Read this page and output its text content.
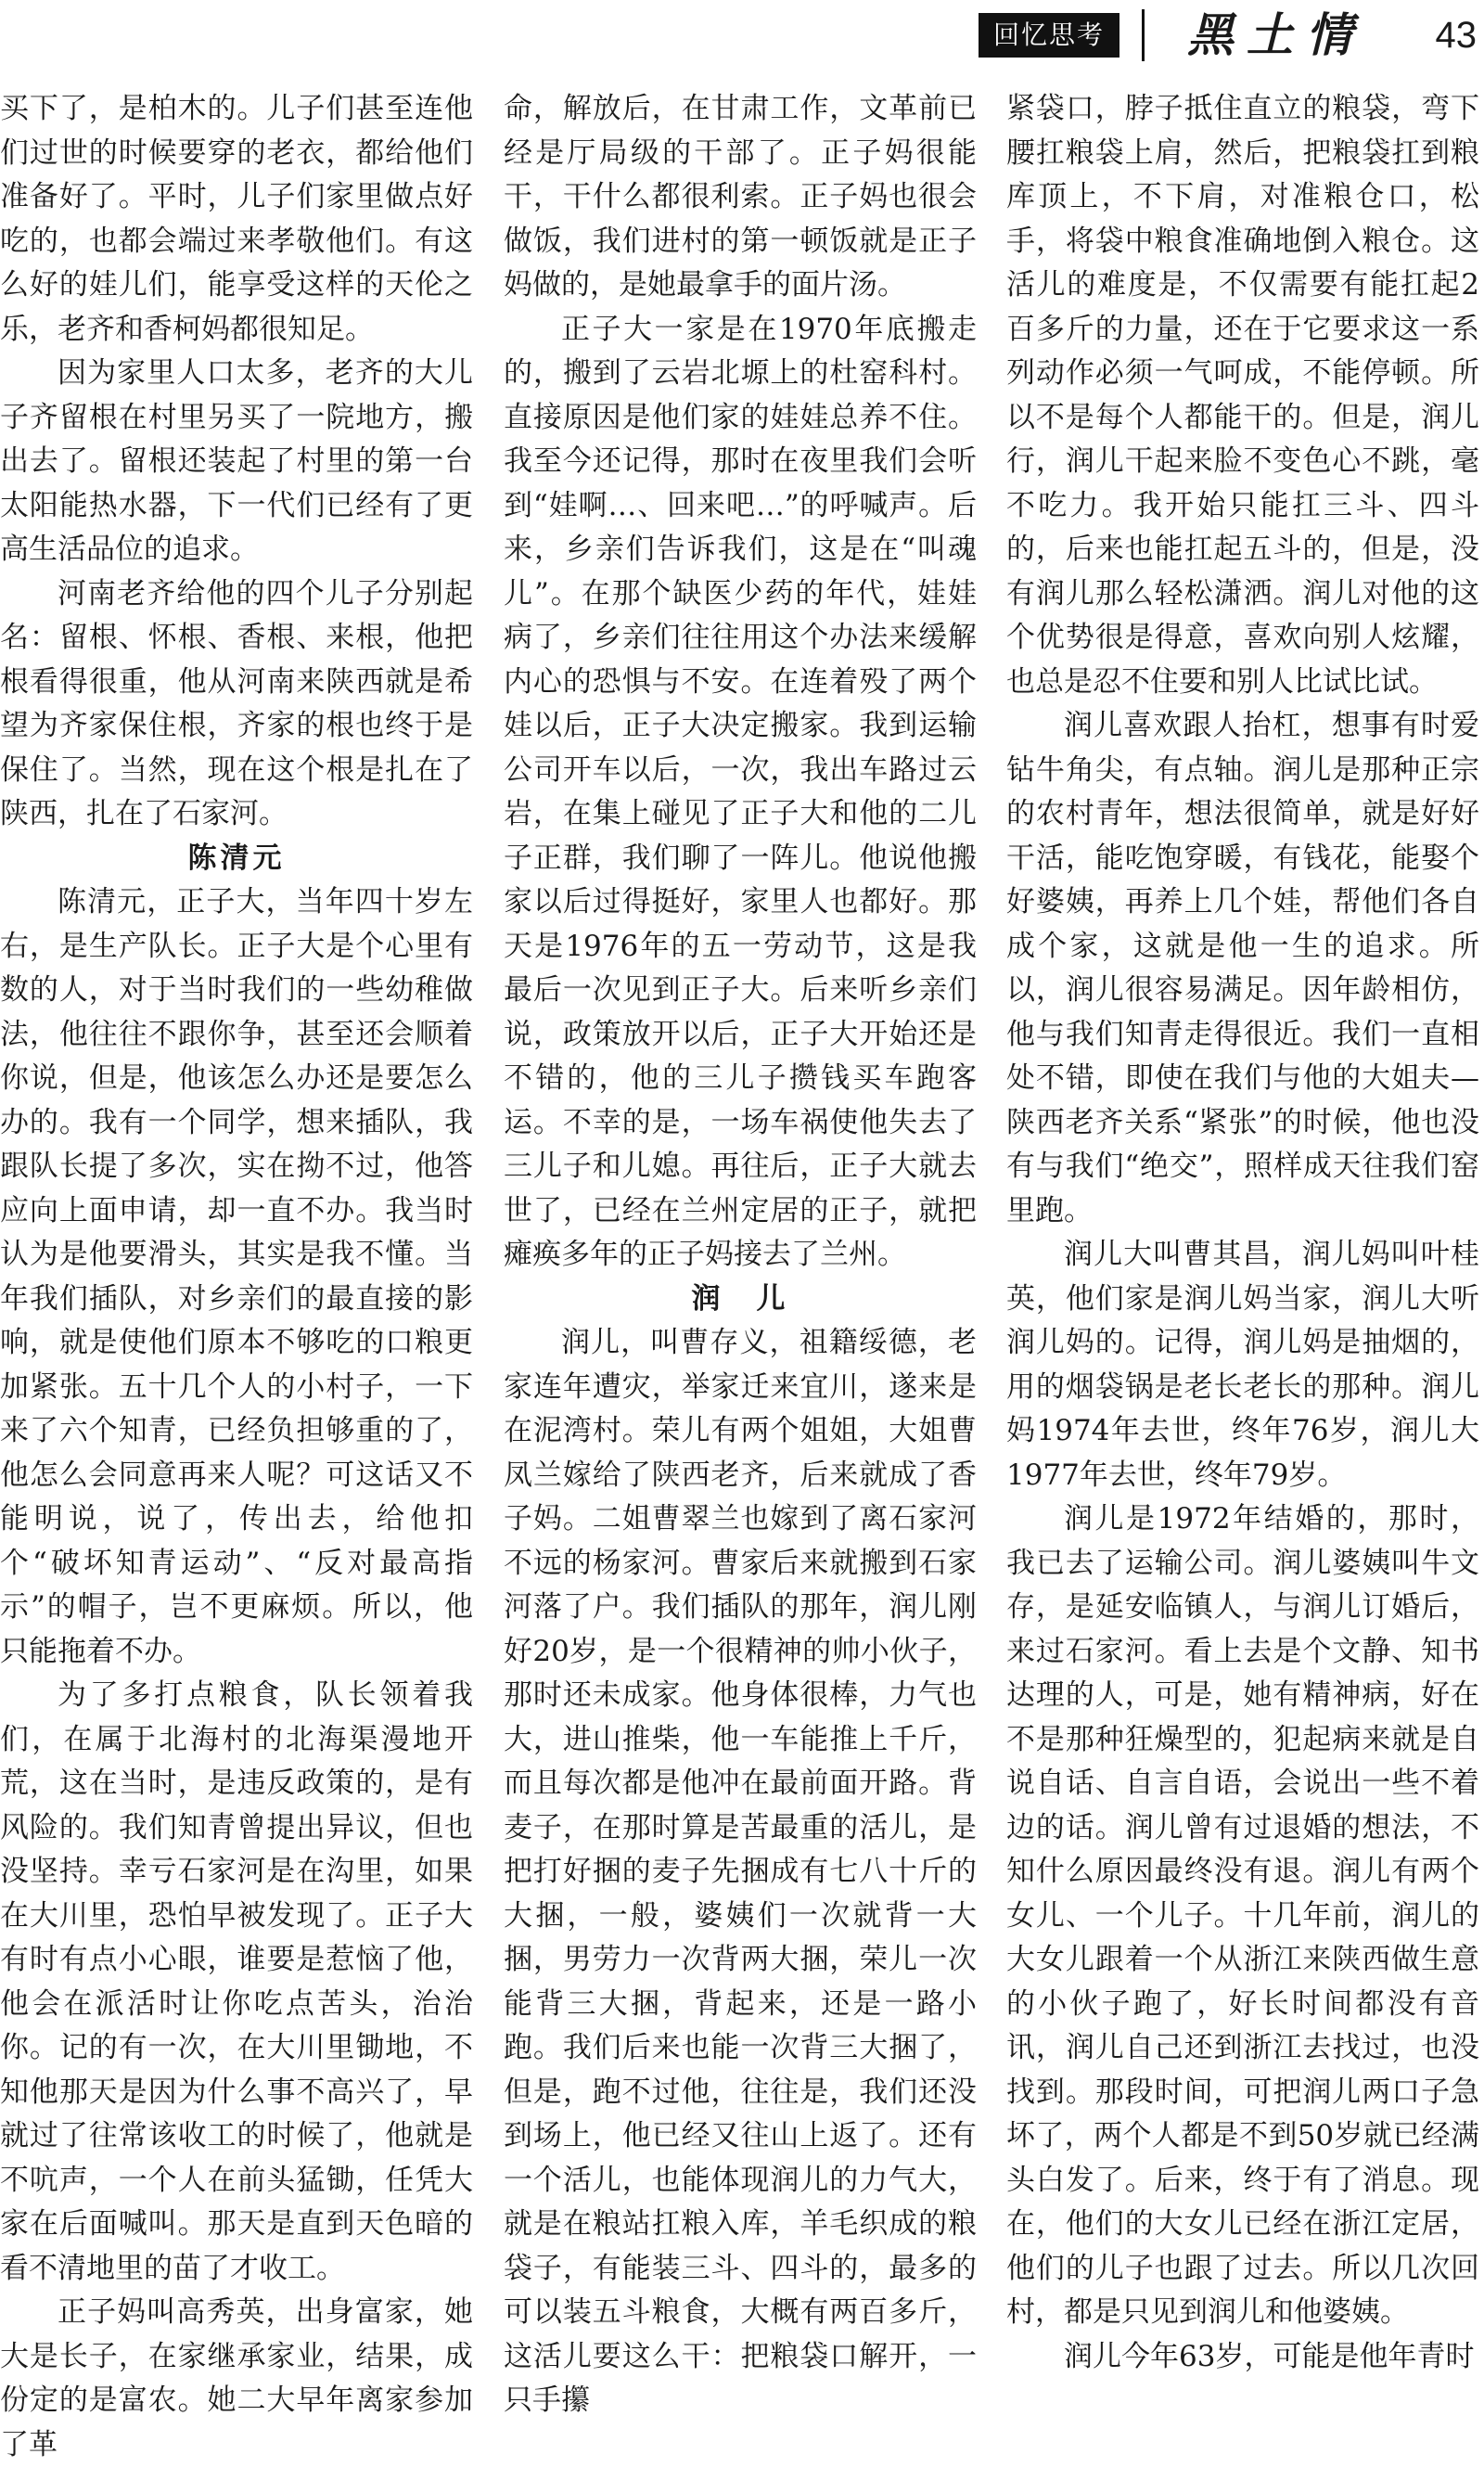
回忆思考	黑土情 43

买下了，是柏木的。儿子们甚至连他们过世的时候要穿的老衣，都给他们准备好了。平时，儿子们家里做点好吃的，也都会端过来孝敬他们。有这么好的娃儿们，能享受这样的天伦之乐，老齐和香柯妈都很知足。

因为家里人口太多，老齐的大儿子齐留根在村里另买了一院地方，搬出去了。留根还装起了村里的第一台太阳能热水器，下一代们已经有了更高生活品位的追求。

河南老齐给他的四个儿子分别起名：留根、怀根、香根、来根，他把根看得很重，他从河南来陕西就是希望为齐家保住根，齐家的根也终于是保住了。当然，现在这个根是扎在了陕西，扎在了石家河。

陈清元

陈清元，正子大，当年四十岁左右，是生产队长。正子大是个心里有数的人，对于当时我们的一些幼稚做法，他往往不跟你争，甚至还会顺着你说，但是，他该怎么办还是要怎么办的。我有一个同学，想来插队，我跟队长提了多次，实在拗不过，他答应向上面申请，却一直不办。我当时认为是他要滑头，其实是我不懂。当年我们插队，对乡亲们的最直接的影响，就是使他们原本不够吃的口粮更加紧张。五十几个人的小村子，一下来了六个知青，已经负担够重的了，他怎么会同意再来人呢？可这话又不能明说，说了，传出去，给他扣个“破坏知青运动”、“反对最高指示”的帽子，岂不更麻烦。所以，他只能拖着不办。

为了多打点粮食，队长领着我们，在属于北海村的北海渠漫地开荒，这在当时，是违反政策的，是有风险的。我们知青曾提出异议，但也没坚持。幸亏石家河是在沟里，如果在大川里，恐怕早被发现了。正子大有时有点小心眼，谁要是惹恼了他，他会在派活时让你吃点苦头，治治你。记的有一次，在大川里锄地，不知他那天是因为什么事不高兴了，早就过了往常该收工的时候了，他就是不吭声，一个人在前头猛锄，任凭大家在后面喊叫。那天是直到天色暗的看不清地里的苗了才收工。

正子妈叫高秀英，出身富家，她大是长子，在家继承家业，结果，成份定的是富农。她二大早年离家参加了革

命，解放后，在甘肃工作，文革前已经是厅局级的干部了。正子妈很能干，干什么都很利索。正子妈也很会做饭，我们进村的第一顿饭就是正子妈做的，是她最拿手的面片汤。

正子大一家是在1970年底搬走的，搬到了云岩北塬上的杜窑科村。直接原因是他们家的娃娃总养不住。我至今还记得，那时在夜里我们会听到“娃啊…、回来吧…”的呼喊声。后来，乡亲们告诉我们，这是在“叫魂儿”。在那个缺医少药的年代，娃娃病了，乡亲们往往用这个办法来缓解内心的恐惧与不安。在连着殁了两个娃以后，正子大决定搬家。我到运输公司开车以后，一次，我出车路过云岩，在集上碰见了正子大和他的二儿子正群，我们聊了一阵儿。他说他搬家以后过得挺好，家里人也都好。那天是1976年的五一劳动节，这是我最后一次见到正子大。后来听乡亲们说，政策放开以后，正子大开始还是不错的，他的三儿子攒钱买车跑客运。不幸的是，一场车祸使他失去了三儿子和儿媳。再往后，正子大就去世了，已经在兰州定居的正子，就把瘫痪多年的正子妈接去了兰州。

润　儿

润儿，叫曹存义，祖籍绥德，老家连年遭灾，举家迁来宜川，遂来是在泥湾村。荣儿有两个姐姐，大姐曹凤兰嫁给了陕西老齐，后来就成了香子妈。二姐曹翠兰也嫁到了离石家河不远的杨家河。曹家后来就搬到石家河落了户。我们插队的那年，润儿刚好20岁，是一个很精神的帅小伙子，那时还未成家。他身体很棒，力气也大，进山推柴，他一车能推上千斤，而且每次都是他冲在最前面开路。背麦子，在那时算是苦最重的活儿，是把打好捆的麦子先捆成有七八十斤的大捆，一般，婆姨们一次就背一大捆，男劳力一次背两大捆，荣儿一次能背三大捆，背起来，还是一路小跑。我们后来也能一次背三大捆了，但是，跑不过他，往往是，我们还没到场上，他已经又往山上返了。还有一个活儿，也能体现润儿的力气大，就是在粮站扛粮入库，羊毛织成的粮袋子，有能装三斗、四斗的，最多的可以装五斗粮食，大概有两百多斤，这活儿要这么干：把粮袋口解开，一只手攥

紧袋口，脖子抵住直立的粮袋，弯下腰扛粮袋上肩，然后，把粮袋扛到粮库顶上，不下肩，对准粮仓口，松手，将袋中粮食准确地倒入粮仓。这活儿的难度是，不仅需要有能扛起2百多斤的力量，还在于它要求这一系列动作必须一气呵成，不能停顿。所以不是每个人都能干的。但是，润儿行，润儿干起来脸不变色心不跳，毫不吃力。我开始只能扛三斗、四斗的，后来也能扛起五斗的，但是，没有润儿那么轻松潇洒。润儿对他的这个优势很是得意，喜欢向别人炫耀，也总是忍不住要和别人比试比试。

润儿喜欢跟人抬杠，想事有时爱钻牛角尖，有点轴。润儿是那种正宗的农村青年，想法很简单，就是好好干活，能吃饱穿暖，有钱花，能娶个好婆姨，再养上几个娃，帮他们各自成个家，这就是他一生的追求。所以，润儿很容易满足。因年龄相仿，他与我们知青走得很近。我们一直相处不错，即使在我们与他的大姐夫—陕西老齐关系“紧张”的时候，他也没有与我们“绝交”，照样成天往我们窑里跑。

润儿大叫曹其昌，润儿妈叫叶桂英，他们家是润儿妈当家，润儿大听润儿妈的。记得，润儿妈是抽烟的，用的烟袋锅是老长老长的那种。润儿妈1974年去世，终年76岁，润儿大1977年去世，终年79岁。

润儿是1972年结婚的，那时，我已去了运输公司。润儿婆姨叫牛文存，是延安临镇人，与润儿订婚后，来过石家河。看上去是个文静、知书达理的人，可是，她有精神病，好在不是那种狂燥型的，犯起病来就是自说自话、自言自语，会说出一些不着边的话。润儿曾有过退婚的想法，不知什么原因最终没有退。润儿有两个女儿、一个儿子。十几年前，润儿的大女儿跟着一个从浙江来陕西做生意的小伙子跑了，好长时间都没有音讯，润儿自己还到浙江去找过，也没找到。那段时间，可把润儿两口子急坏了，两个人都是不到50岁就已经满头白发了。后来，终于有了消息。现在，他们的大女儿已经在浙江定居，他们的儿子也跟了过去。所以几次回村，都是只见到润儿和他婆姨。

润儿今年63岁，可能是他年青时
